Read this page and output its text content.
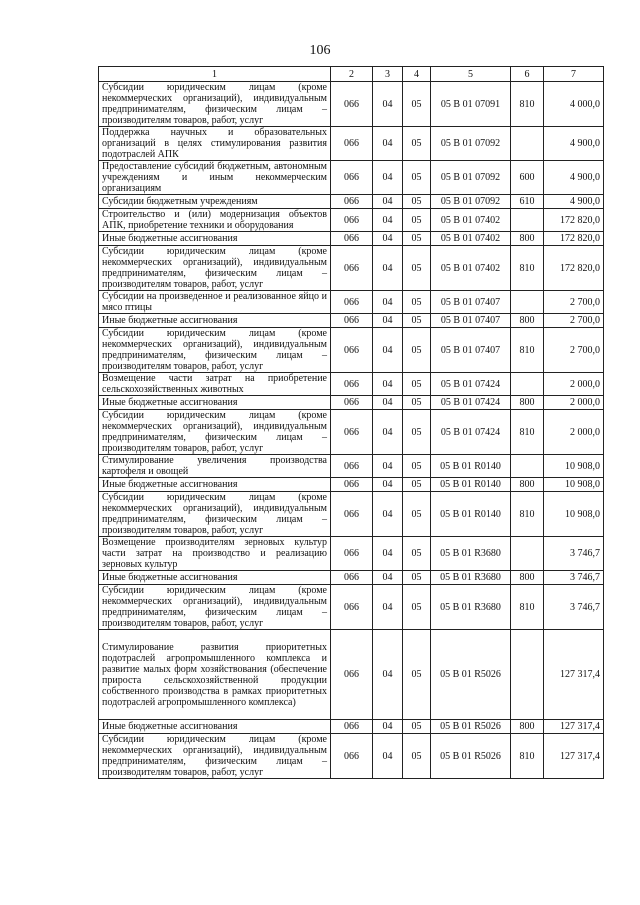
106
1	2	3	4	5	6	7
Субсидии юридическим лицам (кроме некоммерческих организаций), индивидуальным предпринимателям, физическим лицам – производителям товаров, работ, услуг	066	04	05	05 В 01 07091	810	4 000,0
Поддержка научных и образовательных организаций в целях стимулирования развития подотраслей АПК	066	04	05	05 В 01 07092		4 900,0
Предоставление субсидий бюджетным, автономным учреждениям и иным некоммерческим организациям	066	04	05	05 В 01 07092	600	4 900,0
Субсидии бюджетным учреждениям	066	04	05	05 В 01 07092	610	4 900,0
Строительство и (или) модернизация объектов АПК, приобретение техники и оборудования	066	04	05	05 В 01 07402		172 820,0
Иные бюджетные ассигнования	066	04	05	05 В 01 07402	800	172 820,0
Субсидии юридическим лицам (кроме некоммерческих организаций), индивидуальным предпринимателям, физическим лицам – производителям товаров, работ, услуг	066	04	05	05 В 01 07402	810	172 820,0
Субсидии на произведенное и реализованное яйцо и мясо птицы	066	04	05	05 В 01 07407		2 700,0
Иные бюджетные ассигнования	066	04	05	05 В 01 07407	800	2 700,0
Субсидии юридическим лицам (кроме некоммерческих организаций), индивидуальным предпринимателям, физическим лицам – производителям товаров, работ, услуг	066	04	05	05 В 01 07407	810	2 700,0
Возмещение части затрат на приобретение сельскохозяйственных животных	066	04	05	05 В 01 07424		2 000,0
Иные бюджетные ассигнования	066	04	05	05 В 01 07424	800	2 000,0
Субсидии юридическим лицам (кроме некоммерческих организаций), индивидуальным предпринимателям, физическим лицам – производителям товаров, работ, услуг	066	04	05	05 В 01 07424	810	2 000,0
Стимулирование увеличения производства картофеля и овощей	066	04	05	05 В 01 R0140		10 908,0
Иные бюджетные ассигнования	066	04	05	05 В 01 R0140	800	10 908,0
Субсидии юридическим лицам (кроме некоммерческих организаций), индивидуальным предпринимателям, физическим лицам – производителям товаров, работ, услуг	066	04	05	05 В 01 R0140	810	10 908,0
Возмещение производителям зерновых культур части затрат на производство и реализацию зерновых культур	066	04	05	05 В 01 R3680		3 746,7
Иные бюджетные ассигнования	066	04	05	05 В 01 R3680	800	3 746,7
Субсидии юридическим лицам (кроме некоммерческих организаций), индивидуальным предпринимателям, физическим лицам – производителям товаров, работ, услуг	066	04	05	05 В 01 R3680	810	3 746,7
Стимулирование развития приоритетных подотраслей агропромышленного комплекса и развитие малых форм хозяйствования (обеспечение прироста сельскохозяйственной продукции собственного производства в рамках приоритетных подотраслей агропромышленного комплекса)	066	04	05	05 В 01 R5026		127 317,4
Иные бюджетные ассигнования	066	04	05	05 В 01 R5026	800	127 317,4
Субсидии юридическим лицам (кроме некоммерческих организаций), индивидуальным предпринимателям, физическим лицам – производителям товаров, работ, услуг	066	04	05	05 В 01 R5026	810	127 317,4
